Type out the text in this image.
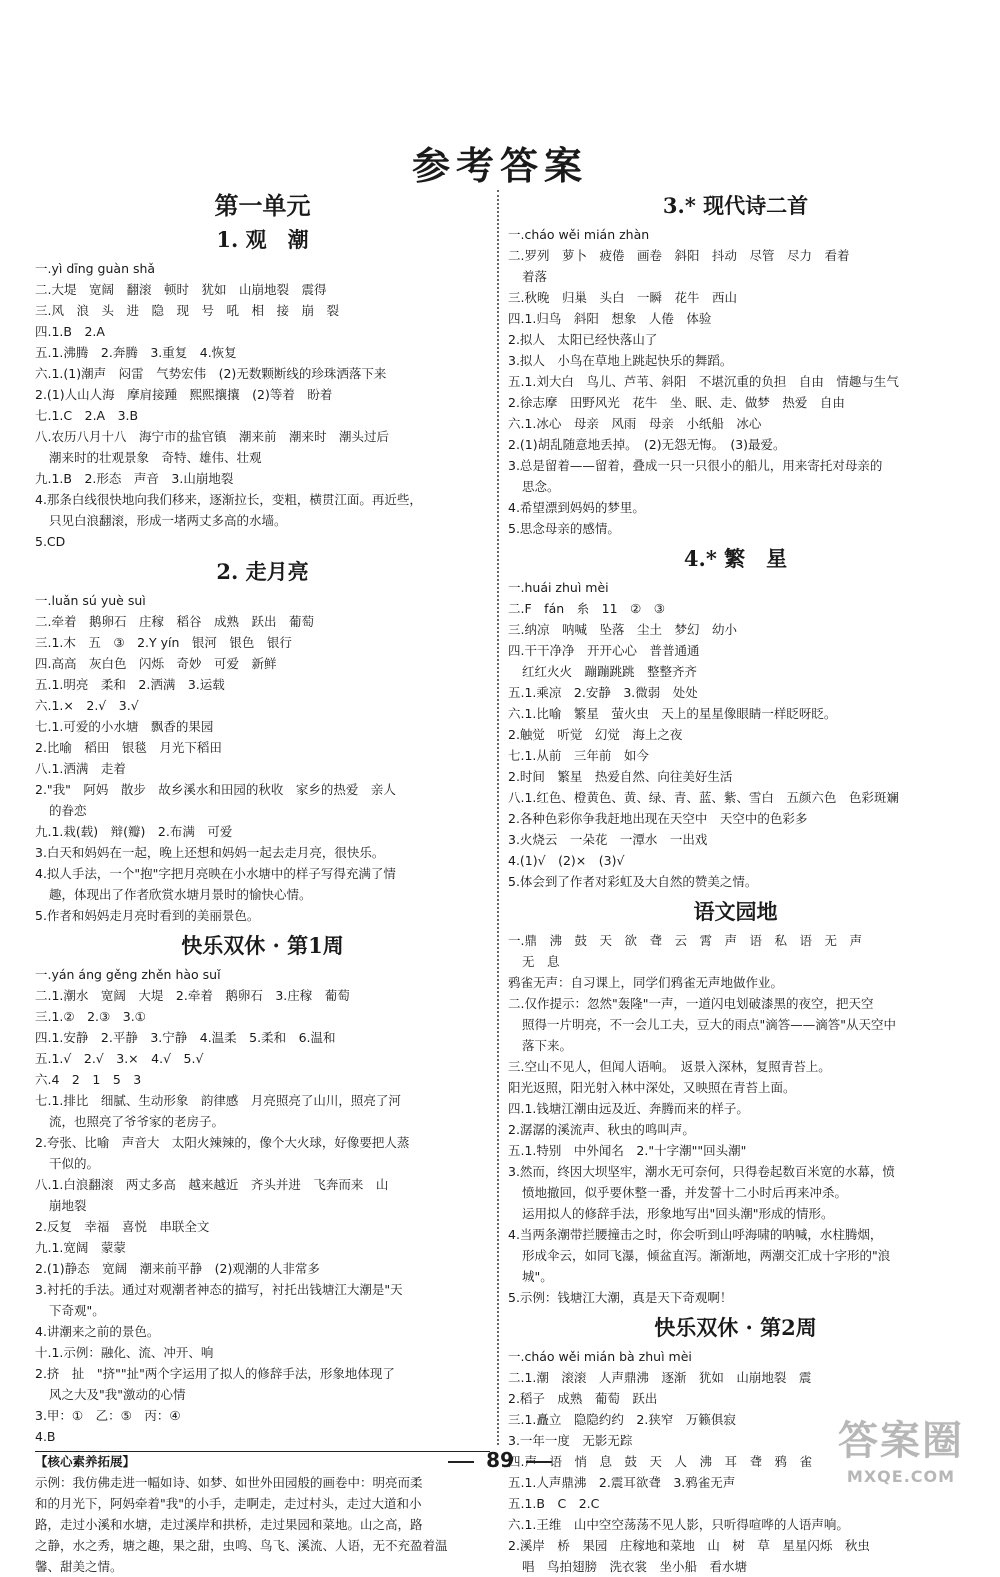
参考答案
第一单元
1. 观　潮
一.yì dīng guàn shǎ
二.大堤　宽阔　翻滚　顿时　犹如　山崩地裂　震得
三.风　浪　头　进　隐　现　号　吼　相　接　崩　裂
四.1.B　2.A
五.1.沸腾　2.奔腾　3.重复　4.恢复
六.1.(1)潮声　闷雷　气势宏伟　(2)无数颗断线的珍珠洒落下来
2.(1)人山人海　摩肩接踵　熙熙攘攘　(2)等着　盼着
七.1.C　2.A　3.B
八.农历八月十八　海宁市的盐官镇　潮来前　潮来时　潮头过后
潮来时的壮观景象　奇特、雄伟、壮观
九.1.B　2.形态　声音　3.山崩地裂
4.那条白线很快地向我们移来，逐渐拉长，变粗，横贯江面。再近些，
只见白浪翻滚，形成一堵两丈多高的水墙。
5.CD
2. 走月亮
一.luǎn sú yuè suì
二.牵着　鹅卵石　庄稼　稻谷　成熟　跃出　葡萄
三.1.木　五　③　2.Y yín　银河　银色　银行
四.高高　灰白色　闪烁　奇妙　可爱　新鲜
五.1.明亮　柔和　2.洒满　3.运载
六.1.×　2.√　3.√
七.1.可爱的小水塘　飘香的果园
2.比喻　稻田　银毯　月光下稻田
八.1.洒满　走着
2."我"　阿妈　散步　故乡溪水和田园的秋收　家乡的热爱　亲人
的眷恋
九.1.栽(载)　辩(瓣)　2.布满　可爱
3.白天和妈妈在一起，晚上还想和妈妈一起去走月亮，很快乐。
4.拟人手法，一个"抱"字把月亮映在小水塘中的样子写得充满了情
趣，体现出了作者欣赏水塘月景时的愉快心情。
5.作者和妈妈走月亮时看到的美丽景色。
快乐双休 · 第1周
一.yán áng gěng zhěn hào suǐ
二.1.潮水　宽阔　大堤　2.牵着　鹅卵石　3.庄稼　葡萄
三.1.②　2.③　3.①
四.1.安静　2.平静　3.宁静　4.温柔　5.柔和　6.温和
五.1.√　2.√　3.×　4.√　5.√
六.4　2　1　5　3
七.1.排比　细腻、生动形象　韵律感　月亮照亮了山川，照亮了河
流，也照亮了爷爷家的老房子。
2.夸张、比喻　声音大　太阳火辣辣的，像个大火球，好像要把人蒸
干似的。
八.1.白浪翻滚　两丈多高　越来越近　齐头并进　飞奔而来　山
崩地裂
2.反复　幸福　喜悦　串联全文
九.1.宽阔　蒙蒙
2.(1)静态　宽阔　潮来前平静　(2)观潮的人非常多
3.衬托的手法。通过对观潮者神态的描写，衬托出钱塘江大潮是"天
下奇观"。
4.讲潮来之前的景色。
十.1.示例：融化、流、冲开、响
2.挤　扯　"挤""扯"两个字运用了拟人的修辞手法，形象地体现了
风之大及"我"激动的心情
3.甲：①　乙：⑤　丙：④
4.B
【核心素养拓展】
示例：我仿佛走进一幅如诗、如梦、如世外田园般的画卷中：明亮而柔
和的月光下，阿妈牵着"我"的小手，走啊走，走过村头，走过大道和小
路，走过小溪和水塘，走过溪岸和拱桥，走过果园和菜地。山之高，路
之静，水之秀，塘之趣，果之甜，虫鸣、鸟飞、溪流、人语，无不充盈着温
馨、甜美之情。
3.* 现代诗二首
一.cháo wěi mián zhàn
二.罗列　萝卜　疲倦　画卷　斜阳　抖动　尽管　尽力　看着
着落
三.秋晚　归巢　头白　一瞬　花牛　西山
四.1.归鸟　斜阳　想象　人倦　体验
2.拟人　太阳已经快落山了
3.拟人　小鸟在草地上跳起快乐的舞蹈。
五.1.刘大白　鸟儿、芦苇、斜阳　不堪沉重的负担　自由　情趣与生气
2.徐志摩　田野风光　花牛　坐、眠、走、做梦　热爱　自由
六.1.冰心　母亲　风雨　母亲　小纸船　冰心
2.(1)胡乱随意地丢掉。　(2)无怨无悔。　(3)最爱。
3.总是留着——留着，叠成一只一只很小的船儿，用来寄托对母亲的
思念。
4.希望漂到妈妈的梦里。
5.思念母亲的感情。
4.* 繁　星
一.huái zhuì mèi
二.F　fán　糸　11　②　③
三.纳凉　呐喊　坠落　尘土　梦幻　幼小
四.干干净净　开开心心　普普通通
红红火火　蹦蹦跳跳　整整齐齐
五.1.乘凉　2.安静　3.微弱　处处
六.1.比喻　繁星　萤火虫　天上的星星像眼睛一样眨呀眨。
2.触觉　听觉　幻觉　海上之夜
七.1.从前　三年前　如今
2.时间　繁星　热爱自然、向往美好生活
八.1.红色、橙黄色、黄、绿、青、蓝、紫、雪白　五颜六色　色彩斑斓
2.各种色彩你争我赶地出现在天空中　天空中的色彩多
3.火烧云　一朵花　一潭水　一出戏
4.(1)√　(2)×　(3)√
5.体会到了作者对彩虹及大自然的赞美之情。
语文园地
一.鼎　沸　鼓　天　欲　聋　云　霄　声　语　私　语　无　声
无　息
鸦雀无声：自习课上，同学们鸦雀无声地做作业。
二.仅作提示：忽然"轰隆"一声，一道闪电划破漆黑的夜空，把天空
照得一片明亮，不一会儿工夫，豆大的雨点"滴答——滴答"从天空中
落下来。
三.空山不见人，但闻人语响。　返景入深林，复照青苔上。
阳光返照，阳光射入林中深处，又映照在青苔上面。
四.1.钱塘江潮由远及近、奔腾而来的样子。
2.潺潺的溪流声、秋虫的鸣叫声。
五.1.特别　中外闻名　2."十字潮""回头潮"
3.然而，终因大坝坚牢，潮水无可奈何，只得卷起数百米宽的水幕，愤
愤地撤回，似乎要休整一番，并发誓十二小时后再来冲杀。
运用拟人的修辞手法，形象地写出"回头潮"形成的情形。
4.当两条潮带拦腰撞击之时，你会听到山呼海啸的呐喊，水柱腾烟，
形成伞云，如同飞瀑，倾盆直泻。渐渐地，两潮交汇成十字形的"浪
城"。
5.示例：钱塘江大潮，真是天下奇观啊！
快乐双休 · 第2周
一.cháo wěi mián bà zhuì mèi
二.1.潮　滚滚　人声鼎沸　逐渐　犹如　山崩地裂　震
2.稻子　成熟　葡萄　跃出
三.1.矗立　隐隐约约　2.狭窄　万籁俱寂
3.一年一度　无影无踪
四.声　语　悄　息　鼓　天　人　沸　耳　聋　鸦　雀
五.1.人声鼎沸　2.震耳欲聋　3.鸦雀无声
五.1.B　C　2.C
六.1.王维　山中空空荡荡不见人影，只听得喧哗的人语声响。
2.溪岸　桥　果园　庄稼地和菜地　山　树　草　星星闪烁　秋虫
唱　鸟拍翅膀　洗衣裳　坐小船　看水塘
89	答案圈
MXQE.COM
